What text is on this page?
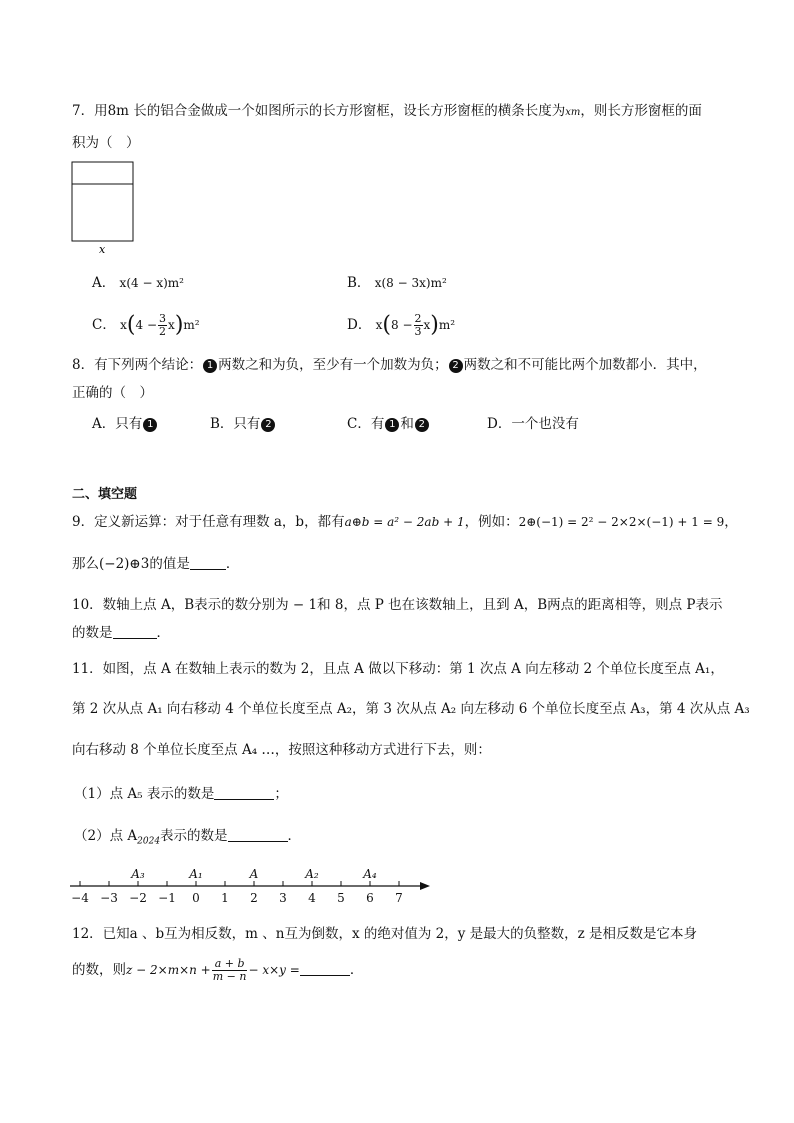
7．用8m 长的铝合金做成一个如图所示的长方形窗框，设长方形窗框的横条长度为xm，则长方形窗框的面
积为（　）
x
A． x(4 − x)m²	B． x(8 − 3x)m²
C． $x(4 - \frac{3}{2} x)m^2$	D． $x(8 - \frac{2}{3} x)m^2$
8．有下列两个结论： 1 两数之和为负，至少有一个加数为负； 2 两数之和不可能比两个加数都小．其中，
正确的（　）
A．只有 1	B．只有 2	C．有 1 和 2	D．一个也没有
二、填空题
9．定义新运算：对于任意有理数 a，b，都有a⊕b = a² − 2ab + 1，例如：2⊕(−1) = 2² − 2×2×(−1) + 1 = 9，
那么(−2)⊕3的值是	．
10．数轴上点 A，B表示的数分别为 − 1和 8，点 P 也在该数轴上，且到 A，B两点的距离相等，则点 P表示
的数是	．
11．如图，点 A 在数轴上表示的数为 2，且点 A 做以下移动：第 1 次点 A 向左移动 2 个单位长度至点 A₁，
第 2 次从点 A₁ 向右移动 4 个单位长度至点 A₂，第 3 次从点 A₂ 向左移动 6 个单位长度至点 A₃，第 4 次从点 A₃
向右移动 8 个单位长度至点 A₄ …，按照这种移动方式进行下去，则：
（1）点 A₅ 表示的数是	；
（2）点 $A_{2024}$表示的数是	．
−4 −3 −2 −1 0 1 2 3 4 5 6 7
A₃	A₁	A	A₂	A₄
12．已知a 、b互为相反数，m 、n互为倒数，x 的绝对值为 2，y 是最大的负整数，z 是相反数是它本身
的数，则$z - 2\times m\times n + \frac{a + b}{m - n} - x\times y$ =	．
